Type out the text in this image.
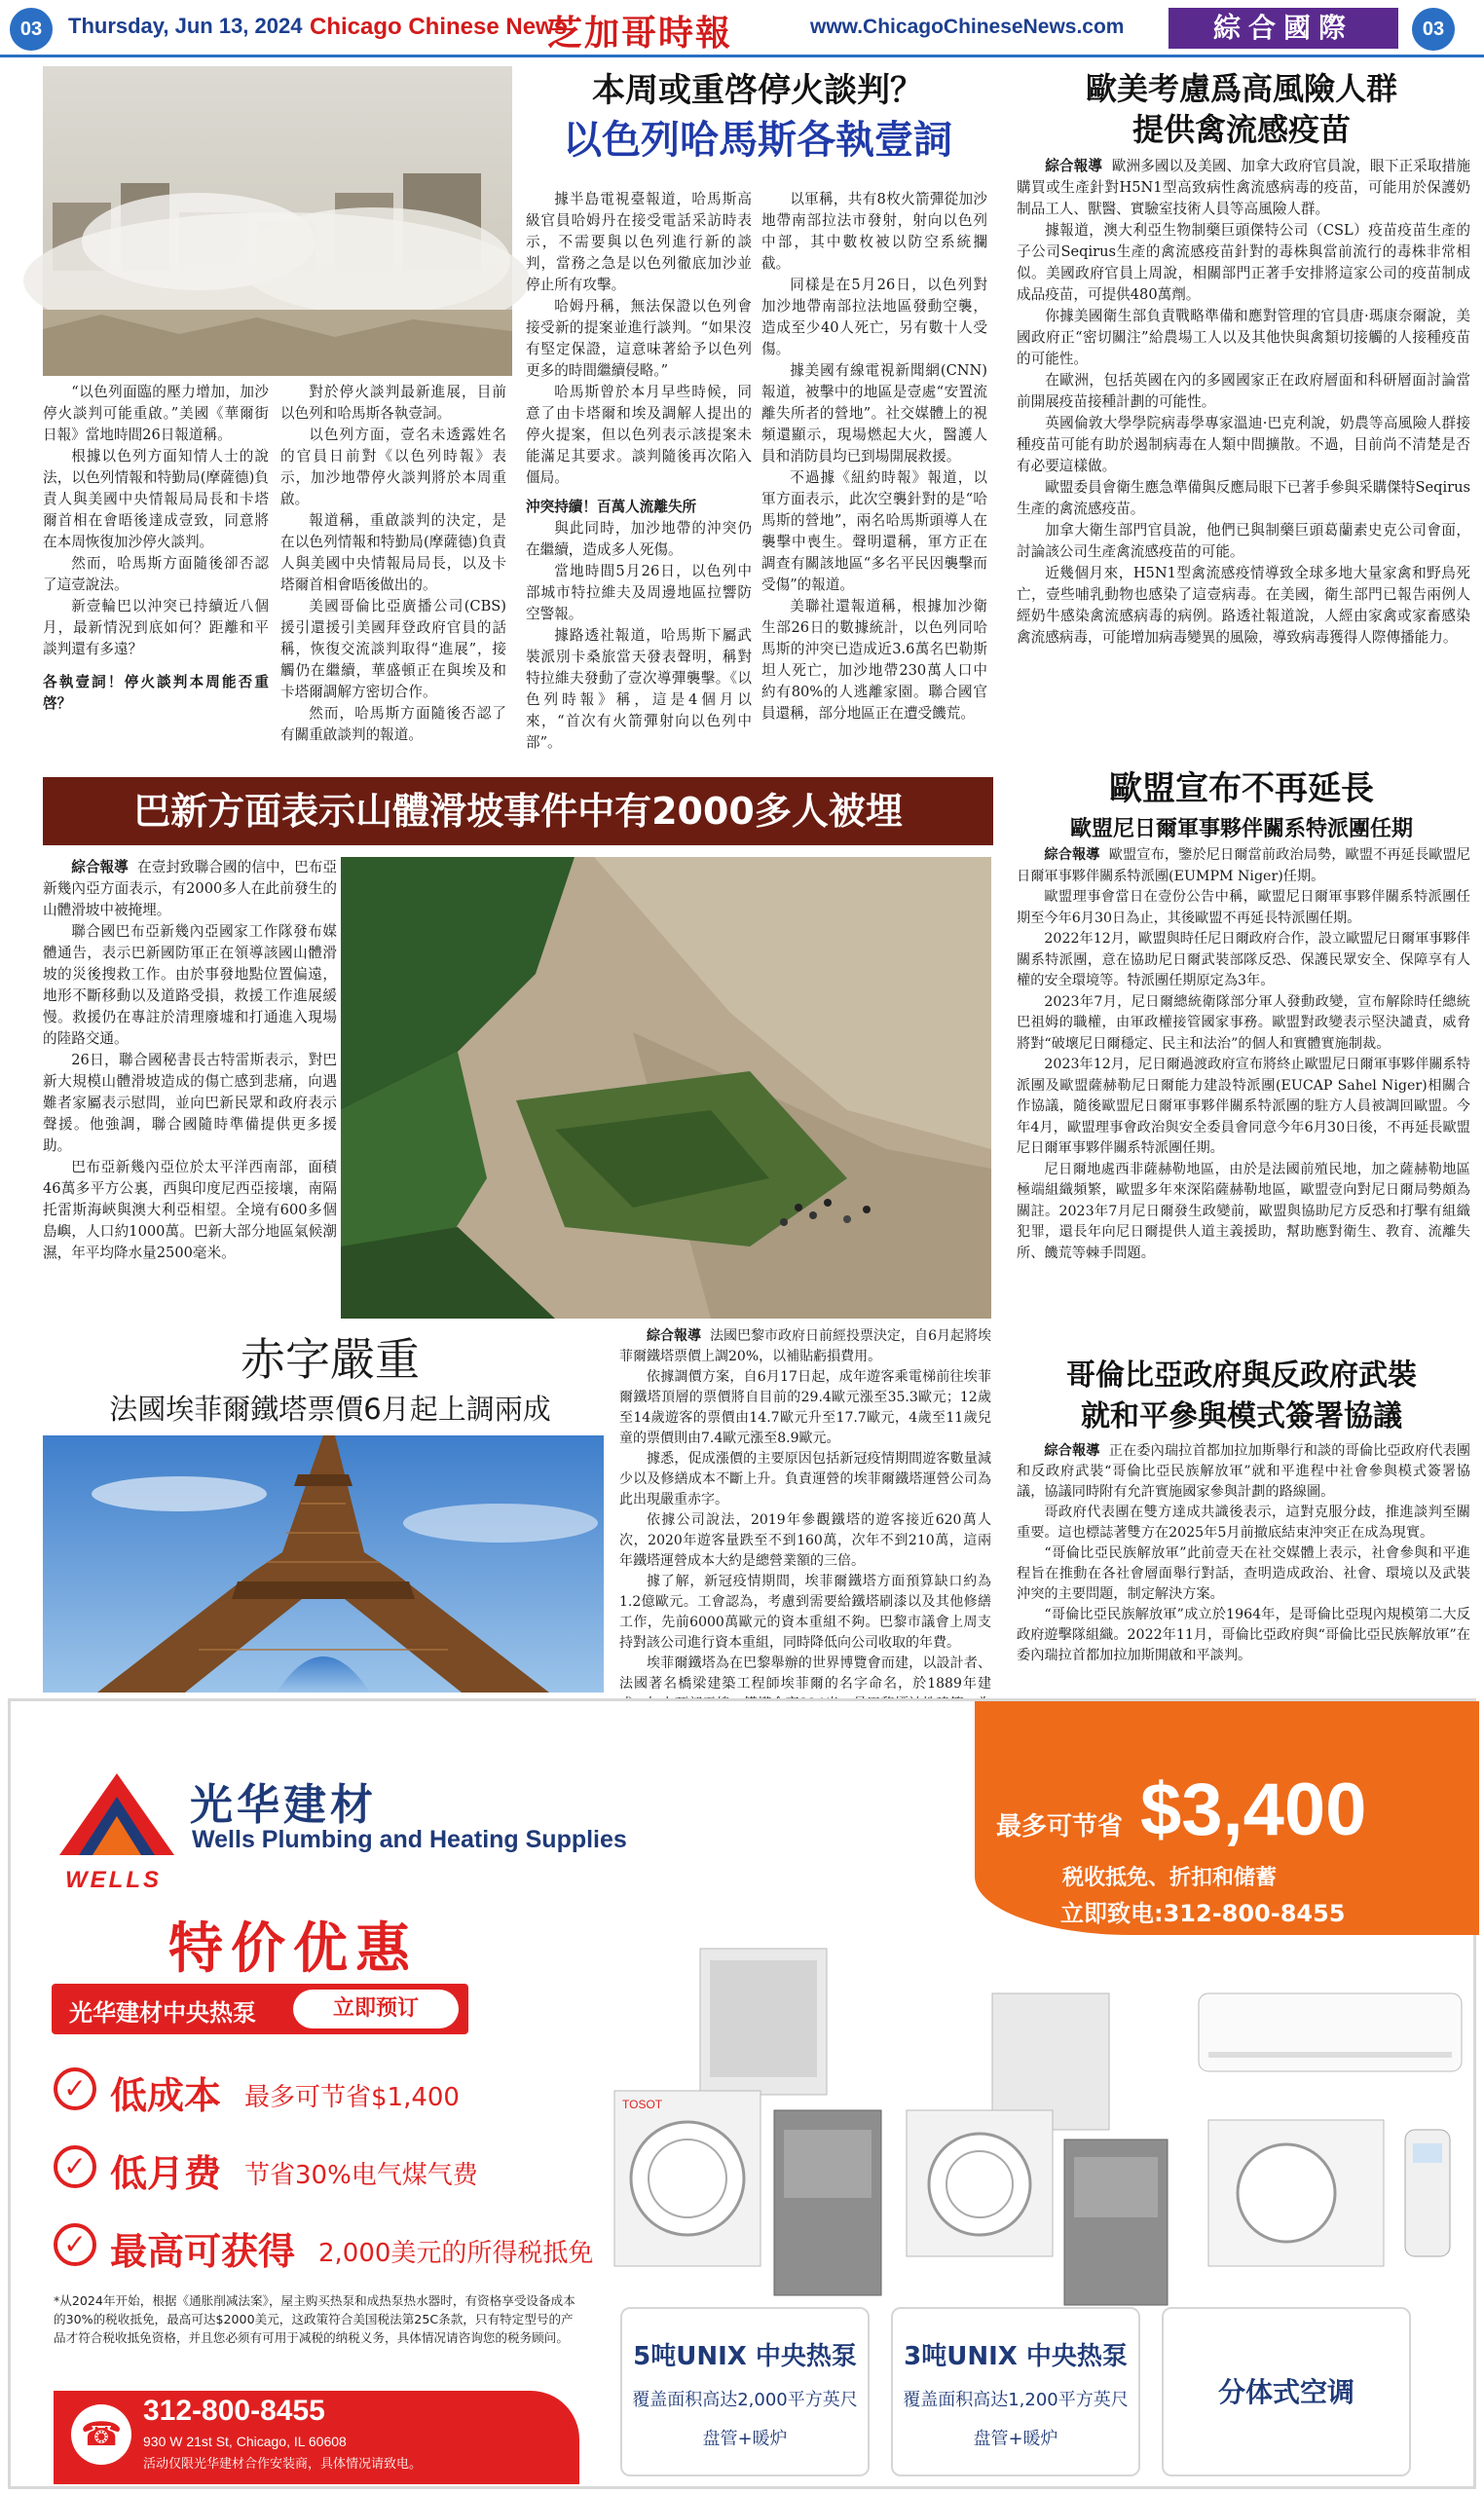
03	Thursday, Jun 13, 2024 Chicago Chinese News
芝加哥時報	www.ChicagoChineseNews.com	綜合國際	03
本周或重啓停火談判？
以色列哈馬斯各執壹詞

“以色列面臨的壓力增加，加沙停火談判可能重啟。”美國《華爾街日報》當地時間26日報道稱。

根據以色列方面知情人士的說法，以色列情報和特勤局(摩薩德)負責人與美國中央情報局局長和卡塔爾首相在會晤後達成壹致，同意將在本周恢復加沙停火談判。

然而，哈馬斯方面隨後卻否認了這壹說法。

新壹輪巴以沖突已持續近八個月，最新情況到底如何？距離和平談判還有多遠？

各執壹詞！停火談判本周能否重啓？

對於停火談判最新進展，目前以色列和哈馬斯各執壹詞。

以色列方面，壹名未透露姓名的官員日前對《以色列時報》表示，加沙地帶停火談判將於本周重啟。

報道稱，重啟談判的決定，是在以色列情報和特勤局(摩薩德)負責人與美國中央情報局局長，以及卡塔爾首相會晤後做出的。

美國哥倫比亞廣播公司(CBS)援引還援引美國拜登政府官員的話稱，恢復交流談判取得“進展”，接觸仍在繼續，華盛頓正在與埃及和卡塔爾調解方密切合作。

然而，哈馬斯方面隨後否認了有關重啟談判的報道。

據半島電視臺報道，哈馬斯高級官員哈姆丹在接受電話采訪時表示，不需要與以色列進行新的談判，當務之急是以色列徹底加沙並停止所有攻擊。

哈姆丹稱，無法保證以色列會接受新的提案並進行談判。“如果沒有堅定保證，這意味著給予以色列更多的時間繼續侵略。”

哈馬斯曾於本月早些時候，同意了由卡塔爾和埃及調解人提出的停火提案，但以色列表示該提案未能滿足其要求。談判隨後再次陷入僵局。

沖突持續！百萬人流離失所

與此同時，加沙地帶的沖突仍在繼續，造成多人死傷。

當地時間5月26日，以色列中部城市特拉維夫及周邊地區拉響防空警報。

據路透社報道，哈馬斯下屬武裝派別卡桑旅當天發表聲明，稱對特拉維夫發動了壹次導彈襲擊。《以色列時報》稱，這是4個月以來，“首次有火箭彈射向以色列中部”。

以軍稱，共有8枚火箭彈從加沙地帶南部拉法市發射，射向以色列中部，其中數枚被以防空系統攔截。

同樣是在5月26日，以色列對加沙地帶南部拉法地區發動空襲，造成至少40人死亡，另有數十人受傷。

據美國有線電視新聞網(CNN)報道，被擊中的地區是壹處“安置流離失所者的營地”。社交媒體上的視頻還顯示，現場燃起大火，醫護人員和消防員均已到場開展救援。

不過據《紐約時報》報道，以軍方面表示，此次空襲針對的是“哈馬斯的營地”，兩名哈馬斯頭導人在襲擊中喪生。聲明還稱，軍方正在調查有關該地區“多名平民因襲擊而受傷”的報道。

美聯社還報道稱，根據加沙衛生部26日的數據統計，以色列同哈馬斯的沖突已造成近3.6萬名巴勒斯坦人死亡，加沙地帶230萬人口中約有80%的人逃離家園。聯合國官員還稱，部分地區正在遭受饑荒。

歐美考慮爲高風險人群
提供禽流感疫苗

綜合報導 歐洲多國以及美國、加拿大政府官員說，眼下正采取措施購買或生產針對H5N1型高致病性禽流感病毒的疫苗，可能用於保護奶制品工人、獸醫、實驗室技術人員等高風險人群。

據報道，澳大利亞生物制藥巨頭傑特公司（CSL）疫苗疫苗生產的子公司Seqirus生產的禽流感疫苗針對的毒株與當前流行的毒株非常相似。美國政府官員上周說，相關部門正著手安排將這家公司的疫苗制成成品疫苗，可提供480萬劑。

你據美國衛生部負責戰略準備和應對管理的官員唐·瑪康奈爾說，美國政府正“密切關注”給農場工人以及其他快與禽類切接觸的人接種疫苗的可能性。

在歐洲，包括英國在內的多國國家正在政府層面和科研層面討論當前開展疫苗接種計劃的可能性。

英國倫敦大學學院病毒學專家溫迪·巴克利說，奶農等高風險人群接種疫苗可能有助於遏制病毒在人類中間擴散。不過，目前尚不清楚是否有必要這樣做。

歐盟委員會衛生應急準備與反應局眼下已著手參與采購傑特Seqirus生產的禽流感疫苗。

加拿大衛生部門官員說，他們已與制藥巨頭葛蘭素史克公司會面，討論該公司生產禽流感疫苗的可能。

近幾個月來，H5N1型禽流感疫情導致全球多地大量家禽和野鳥死亡，壹些哺乳動物也感染了這壹病毒。在美國，衛生部門已報告兩例人經奶牛感染禽流感病毒的病例。路透社報道說，人經由家禽或家畜感染禽流感病毒，可能增加病毒變異的風險，導致病毒獲得人際傳播能力。

巴新方面表示山體滑坡事件中有2000多人被埋

綜合報導 在壹封致聯合國的信中，巴布亞新幾內亞方面表示，有2000多人在此前發生的山體滑坡中被掩埋。

聯合國巴布亞新幾內亞國家工作隊發布媒體通告，表示巴新國防軍正在領導該國山體滑坡的災後搜救工作。由於事發地點位置偏遠，地形不斷移動以及道路受損，救援工作進展緩慢。救援仍在專註於清理廢墟和打通進入現場的陸路交通。

26日，聯合國秘書長古特雷斯表示，對巴新大規模山體滑坡造成的傷亡感到悲痛，向遇難者家屬表示慰問，並向巴新民眾和政府表示聲援。他強調，聯合國隨時準備提供更多援助。

巴布亞新幾內亞位於太平洋西南部，面積46萬多平方公裏，西與印度尼西亞接壤，南隔托雷斯海峽與澳大利亞相望。全境有600多個島嶼，人口約1000萬。巴新大部分地區氣候潮濕，年平均降水量2500毫米。

赤字嚴重
法國埃菲爾鐵塔票價6月起上調兩成

綜合報導 法國巴黎市政府日前經投票決定，自6月起將埃菲爾鐵塔票價上調20%，以補貼虧損費用。

依據調價方案，自6月17日起，成年遊客乘電梯前往埃菲爾鐵塔頂層的票價將自目前的29.4歐元漲至35.3歐元；12歲至14歲遊客的票價由14.7歐元升至17.7歐元，4歲至11歲兒童的票價則由7.4歐元漲至8.9歐元。

據悉，促成漲價的主要原因包括新冠疫情期間遊客數量減少以及修繕成本不斷上升。負責運營的埃菲爾鐵塔運營公司為此出現嚴重赤字。

依據公司說法，2019年參觀鐵塔的遊客接近620萬人次，2020年遊客量跌至不到160萬，次年不到210萬，這兩年鐵塔運營成本大約是總營業額的三倍。

據了解，新冠疫情期間，埃菲爾鐵塔方面預算缺口約為1.2億歐元。工會認為，考慮到需要給鐵塔刷漆以及其他修繕工作，先前6000萬歐元的資本重組不夠。巴黎市議會上周支持對該公司進行資本重組，同時降低向公司收取的年費。

埃菲爾鐵塔為在巴黎舉辦的世界博覽會而建，以設計者、法國著名橋梁建築工程師埃菲爾的名字命名，於1889年建

歐盟宣布不再延長
歐盟尼日爾軍事夥伴關系特派團任期

綜合報導 歐盟宣布，鑒於尼日爾當前政治局勢，歐盟不再延長歐盟尼日爾軍事夥伴關系特派團(EUMPM Niger)任期。

歐盟理事會當日在壹份公告中稱，歐盟尼日爾軍事夥伴關系特派團任期至今年6月30日為止，其後歐盟不再延長特派團任期。

2022年12月，歐盟與時任尼日爾政府合作，設立歐盟尼日爾軍事夥伴關系特派團，意在協助尼日爾武裝部隊反恐、保護民眾安全、保障享有人權的安全環境等。特派團任期原定為3年。

2023年7月，尼日爾總統衛隊部分軍人發動政變，宣布解除時任總統巴祖姆的職權，由軍政權接管國家事務。歐盟對政變表示堅決譴責，威脅將對“破壞尼日爾穩定、民主和法治”的個人和實體實施制裁。

2023年12月，尼日爾過渡政府宣布將終止歐盟尼日爾軍事夥伴關系特派團及歐盟薩赫勒尼日爾能力建設特派團(EUCAP Sahel Niger)相關合作協議，隨後歐盟尼日爾軍事夥伴關系特派團的駐方人員被調回歐盟。今年4月，歐盟理事會政治與安全委員會同意今年6月30日後，不再延長歐盟尼日爾軍事夥伴關系特派團任期。

尼日爾地處西非薩赫勒地區，由於是法國前殖民地，加之薩赫勒地區極端組織頻繁，歐盟多年來深陷薩赫勒地區，歐盟壹向對尼日爾局勢頗為關註。2023年7月尼日爾發生政變前，歐盟與協助尼方反恐和打擊有組織犯罪，還長年向尼日爾提供人道主義援助，幫助應對衛生、教育、流離失所、饑荒等棘手問題。

哥倫比亞政府與反政府武裝
就和平參與模式簽署協議

綜合報導 正在委內瑞拉首都加拉加斯舉行和談的哥倫比亞政府代表團和反政府武裝“哥倫比亞民族解放軍”就和平進程中社會參與模式簽署協議，協議同時附有允許實施國家參與計劃的路線圖。

哥政府代表團在雙方達成共識後表示，這對克服分歧，推進談判至關重要。這也標誌著雙方在2025年5月前撤底結束沖突正在成為現實。

“哥倫比亞民族解放軍”此前壹天在社交媒體上表示，社會參與和平進程旨在推動在各社會層面舉行對話，查明造成政治、社會、環境以及武裝沖突的主要問題，制定解決方案。

“哥倫比亞民族解放軍”成立於1964年，是哥倫比亞現內規模第二大反政府遊擊隊組織。2022年11月，哥倫比亞政府與“哥倫比亞民族解放軍”在委內瑞拉首都加拉加斯開啟和平談判。

WELLS
光华建材
Wells Plumbing and Heating Supplies	最多可节省 $3,400
税收抵免、折扣和储蓄
立即致电:312-800-8455
特价优惠
光华建材中央热泵	立即预订
✓ 低成本 最多可节省$1,400
✓ 低月费 节省30%电气煤气费
✓ 最高可获得 2,000美元的所得税抵免
*从2024年开始，根据《通胀削减法案》，屋主购买热泵和成热泵热水器时，有资格享受设备成本的30%的税收抵免，最高可达$2000美元，这政策符合美国税法第25C条款，只有特定型号的产品才符合税收抵免资格，并且您必须有可用于减税的纳税义务，具体情况请咨询您的税务顾问。
☎
312-800-8455
930 W 21st St, Chicago, IL 60608
活动仅限光华建材合作安装商，具体情况请致电。
TOSOT
5吨UNIX 中央热泵
覆盖面积高达2,000平方英尺
盘管+暖炉
3吨UNIX 中央热泵
覆盖面积高达1,200平方英尺
盘管+暖炉
分体式空调
